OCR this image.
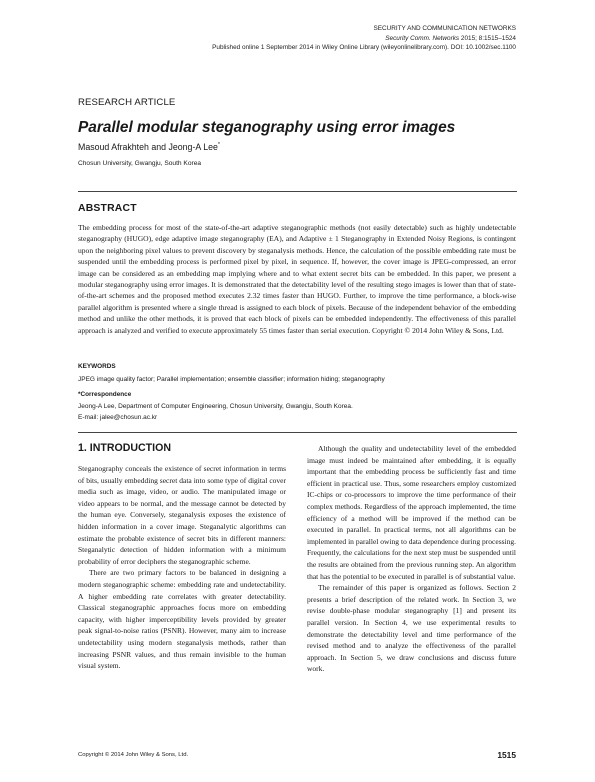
SECURITY AND COMMUNICATION NETWORKS
Security Comm. Networks 2015; 8:1515–1524
Published online 1 September 2014 in Wiley Online Library (wileyonlinelibrary.com). DOI: 10.1002/sec.1100
RESEARCH ARTICLE
Parallel modular steganography using error images
Masoud Afrakhteh and Jeong-A Lee*
Chosun University, Gwangju, South Korea
ABSTRACT
The embedding process for most of the state-of-the-art adaptive steganographic methods (not easily detectable) such as highly undetectable steganography (HUGO), edge adaptive image steganography (EA), and Adaptive ± 1 Steganography in Extended Noisy Regions, is contingent upon the neighboring pixel values to prevent discovery by steganalysis methods. Hence, the calculation of the possible embedding rate must be suspended until the embedding process is performed pixel by pixel, in sequence. If, however, the cover image is JPEG-compressed, an error image can be considered as an embedding map implying where and to what extent secret bits can be embedded. In this paper, we present a modular steganography using error images. It is demonstrated that the detectability level of the resulting stego images is lower than that of state-of-the-art schemes and the proposed method executes 2.32 times faster than HUGO. Further, to improve the time performance, a block-wise parallel algorithm is presented where a single thread is assigned to each block of pixels. Because of the independent behavior of the embedding method and unlike the other methods, it is proved that each block of pixels can be embedded independently. The effectiveness of this parallel approach is analyzed and verified to execute approximately 55 times faster than serial execution. Copyright © 2014 John Wiley & Sons, Ltd.
KEYWORDS
JPEG image quality factor; Parallel implementation; ensemble classifier; information hiding; steganography
*Correspondence
Jeong-A Lee, Department of Computer Engineering, Chosun University, Gwangju, South Korea.
E-mail: jalee@chosun.ac.kr
1. INTRODUCTION

Steganography conceals the existence of secret information in terms of bits, usually embedding secret data into some type of digital cover media such as image, video, or audio. The manipulated image or video appears to be normal, and the message cannot be detected by the human eye. Conversely, steganalysis exposes the existence of hidden information in a cover image. Steganalytic algorithms can estimate the probable existence of secret bits in different manners: Steganalytic detection of hidden information with a minimum probability of error deciphers the steganographic scheme.

There are two primary factors to be balanced in designing a modern steganographic scheme: embedding rate and undetectability. A higher embedding rate correlates with greater detectability. Classical steganographic approaches focus more on embedding capacity, with higher imperceptibility levels provided by greater peak signal-to-noise ratios (PSNR). However, many aim to increase undetectability using modern steganalysis methods, rather than increasing PSNR values, and thus remain invisible to the human visual system.

Although the quality and undetectability level of the embedded image must indeed be maintained after embedding, it is equally important that the embedding process be sufficiently fast and time efficient in practical use. Thus, some researchers employ customized IC-chips or co-processors to improve the time performance of their complex methods. Regardless of the approach implemented, the time efficiency of a method will be improved if the method can be executed in parallel. In practical terms, not all algorithms can be implemented in parallel owing to data dependence during processing. Frequently, the calculations for the next step must be suspended until the results are obtained from the previous running step. An algorithm that has the potential to be executed in parallel is of substantial value.

The remainder of this paper is organized as follows. Section 2 presents a brief description of the related work. In Section 3, we revise double-phase modular steganography [1] and present its parallel version. In Section 4, we use experimental results to demonstrate the detectability level and time performance of the revised method and to analyze the effectiveness of the parallel approach. In Section 5, we draw conclusions and discuss future work.

Copyright © 2014 John Wiley & Sons, Ltd.	1515
